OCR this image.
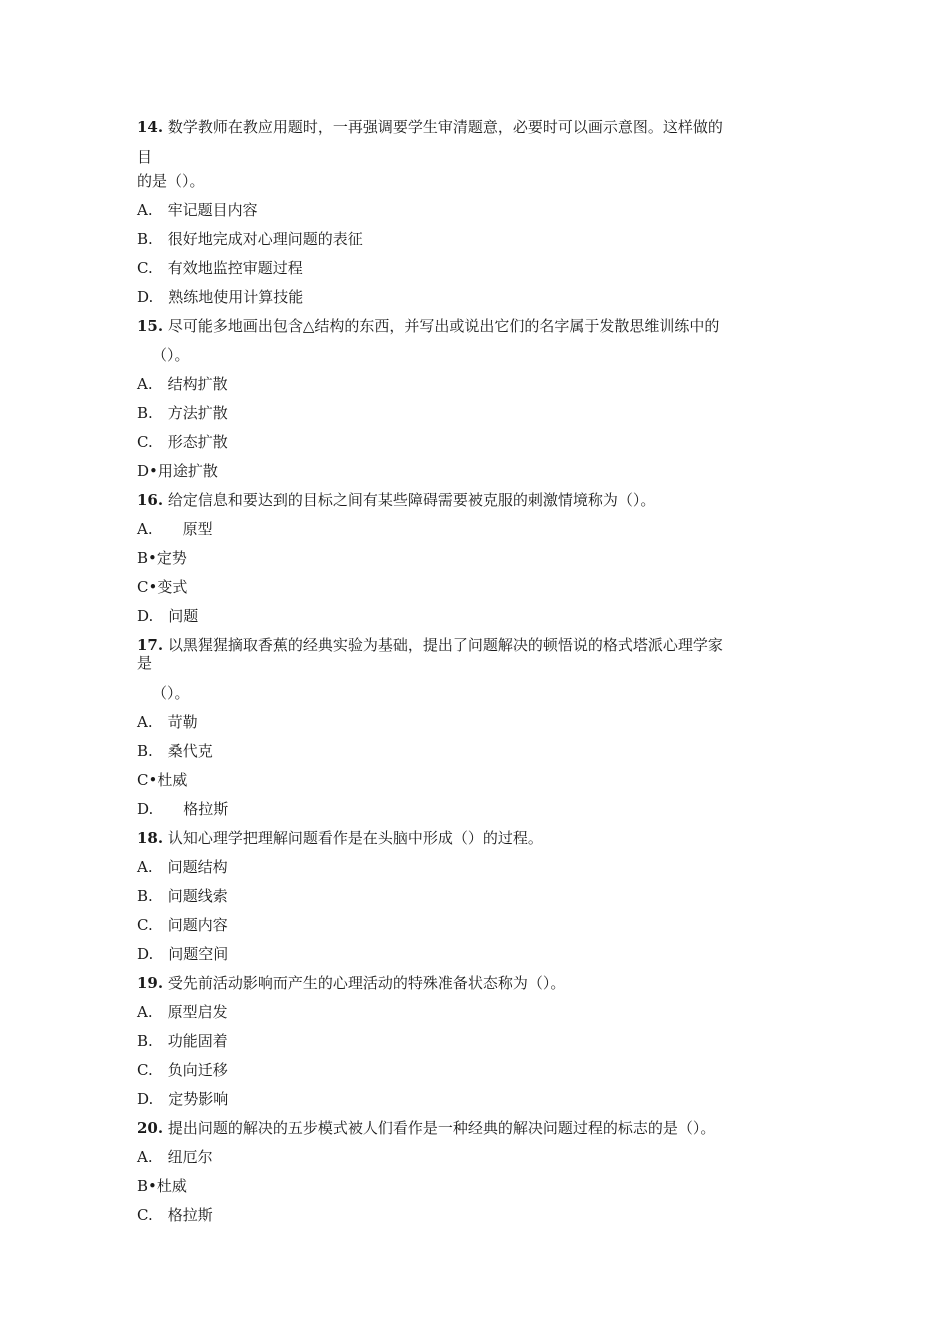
14. 数学教师在教应用题时，一再强调要学生审清题意，必要时可以画示意图。这样做的
目
的是（）。
A.　牢记题目内容
B.　很好地完成对心理问题的表征
C.　有效地监控审题过程
D.　熟练地使用计算技能
15. 尽可能多地画出包含△结构的东西，并写出或说出它们的名字属于发散思维训练中的
（）。
A.　结构扩散
B.　方法扩散
C.　形态扩散
D•用途扩散
16. 给定信息和要达到的目标之间有某些障碍需要被克服的刺激情境称为（）。
A.　　原型
B•定势
C•变式
D.　问题
17. 以黑猩猩摘取香蕉的经典实验为基础，提出了问题解决的顿悟说的格式塔派心理学家
是
（）。
A.　苛勒
B.　桑代克
C•杜威
D.　　格拉斯
18. 认知心理学把理解问题看作是在头脑中形成（）的过程。
A.　问题结构
B.　问题线索
C.　问题内容
D.　问题空间
19. 受先前活动影响而产生的心理活动的特殊准备状态称为（）。
A.　原型启发
B.　功能固着
C.　负向迁移
D.　定势影响
20. 提出问题的解决的五步模式被人们看作是一种经典的解决问题过程的标志的是（）。
A.　纽厄尔
B•杜威
C.　格拉斯
